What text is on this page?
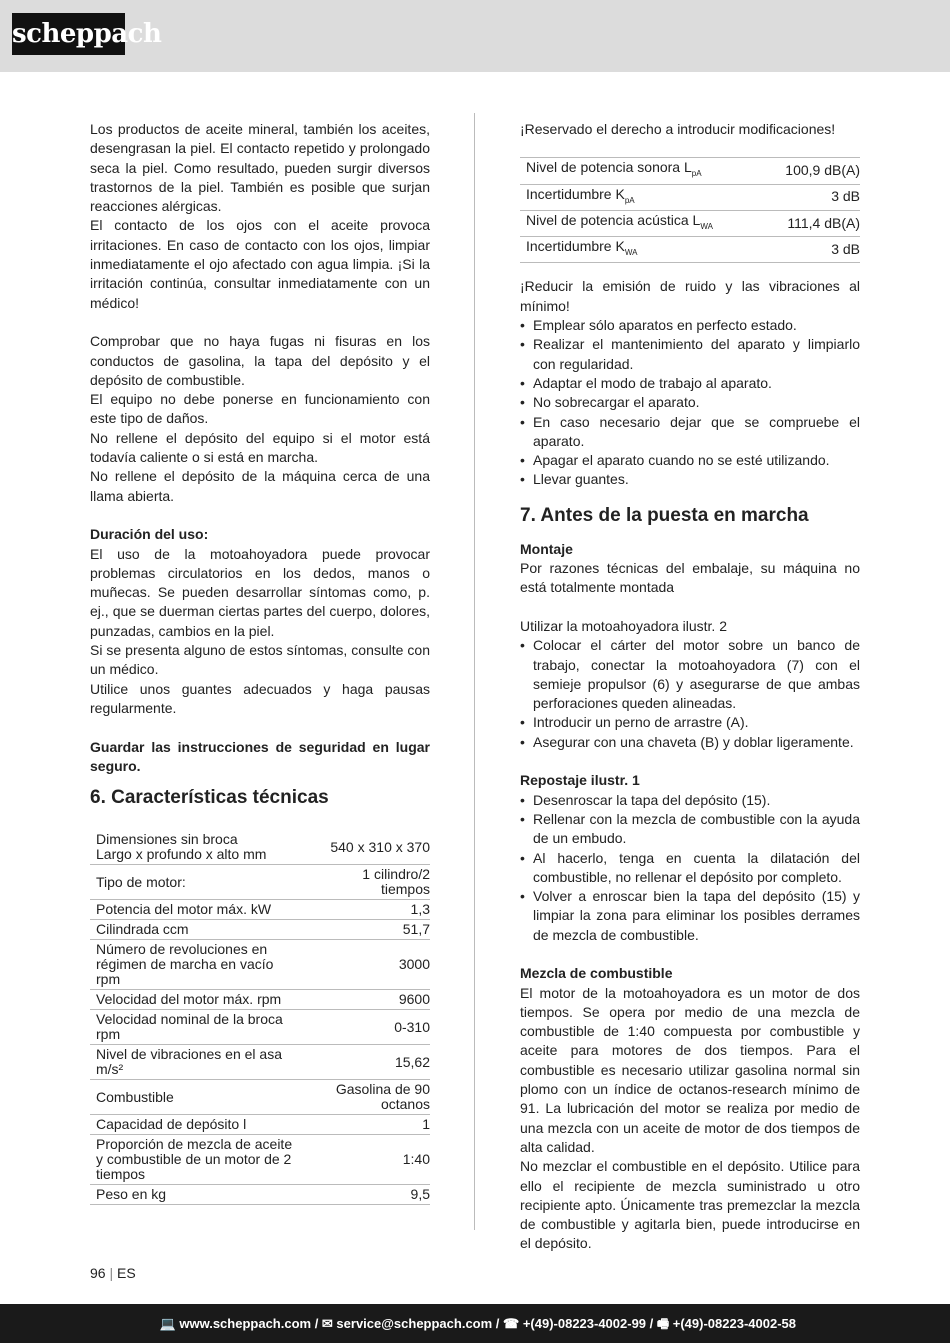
scheppach

Los productos de aceite mineral, también los aceites, desengrasan la piel. El contacto repetido y prolongado seca la piel. Como resultado, pueden surgir diversos trastornos de la piel. También es posible que surjan reacciones alérgicas.

El contacto de los ojos con el aceite provoca irritaciones. En caso de contacto con los ojos, limpiar inmediatamente el ojo afectado con agua limpia. ¡Si la irritación continúa, consultar inmediatamente con un médico!

Comprobar que no haya fugas ni fisuras en los conductos de gasolina, la tapa del depósito y el depósito de combustible.

El equipo no debe ponerse en funcionamiento con este tipo de daños.

No rellene el depósito del equipo si el motor está todavía caliente o si está en marcha.

No rellene el depósito de la máquina cerca de una llama abierta.

Duración del uso:

El uso de la motoahoyadora puede provocar problemas circulatorios en los dedos, manos o muñecas. Se pueden desarrollar síntomas como, p. ej., que se duerman ciertas partes del cuerpo, dolores, punzadas, cambios en la piel.

Si se presenta alguno de estos síntomas, consulte con un médico.

Utilice unos guantes adecuados y haga pausas regularmente.

Guardar las instrucciones de seguridad en lugar seguro.

6. Características técnicas
Dimensiones sin broca
Largo x profundo x alto mm	540 x 310 x 370
Tipo de motor:	1 cilindro/2 tiempos
Potencia del motor máx. kW	1,3
Cilindrada ccm	51,7
Número de revoluciones en régimen de marcha en vacío rpm	3000
Velocidad del motor máx. rpm	9600
Velocidad nominal de la broca rpm	0-310
Nivel de vibraciones en el asa m/s²	15,62
Combustible	Gasolina de 90 octanos
Capacidad de depósito l	1
Proporción de mezcla de aceite y combustible de un motor de 2 tiempos	1:40
Peso en kg	9,5

¡Reservado el derecho a introducir modificaciones!

Nivel de potencia sonora $L_{pA}$	100,9 dB(A)
Incertidumbre $K_{pA}$	3 dB
Nivel de potencia acústica $L_{WA}$	111,4 dB(A)
Incertidumbre $K_{WA}$	3 dB

¡Reducir la emisión de ruido y las vibraciones al mínimo!

• Emplear sólo aparatos en perfecto estado.
• Realizar el mantenimiento del aparato y limpiarlo con regularidad.
• Adaptar el modo de trabajo al aparato.
• No sobrecargar el aparato.
• En caso necesario dejar que se compruebe el aparato.
• Apagar el aparato cuando no se esté utilizando.
• Llevar guantes.
7. Antes de la puesta en marcha

Montaje

Por razones técnicas del embalaje, su máquina no está totalmente montada

Utilizar la motoahoyadora ilustr. 2

• Colocar el cárter del motor sobre un banco de trabajo, conectar la motoahoyadora (7) con el semieje propulsor (6) y asegurarse de que ambas perforaciones queden alineadas.
• Introducir un perno de arrastre (A).
• Asegurar con una chaveta (B) y doblar ligeramente.

Repostaje ilustr. 1

• Desenroscar la tapa del depósito (15).
• Rellenar con la mezcla de combustible con la ayuda de un embudo.
• Al hacerlo, tenga en cuenta la dilatación del combustible, no rellenar el depósito por completo.
• Volver a enroscar bien la tapa del depósito (15) y limpiar la zona para eliminar los posibles derrames de mezcla de combustible.

Mezcla de combustible

El motor de la motoahoyadora es un motor de dos tiempos. Se opera por medio de una mezcla de combustible de 1:40 compuesta por combustible y aceite para motores de dos tiempos. Para el combustible es necesario utilizar gasolina normal sin plomo con un índice de octanos-research mínimo de 91. La lubricación del motor se realiza por medio de una mezcla con un aceite de motor de dos tiempos de alta calidad.

No mezclar el combustible en el depósito. Utilice para ello el recipiente de mezcla suministrado u otro recipiente apto. Únicamente tras premezclar la mezcla de combustible y agitarla bien, puede introducirse en el depósito.

96 | ES
💻 www.scheppach.com / ✉ service@scheppach.com / ☎ +(49)-08223-4002-99 / 🖷 +(49)-08223-4002-58
